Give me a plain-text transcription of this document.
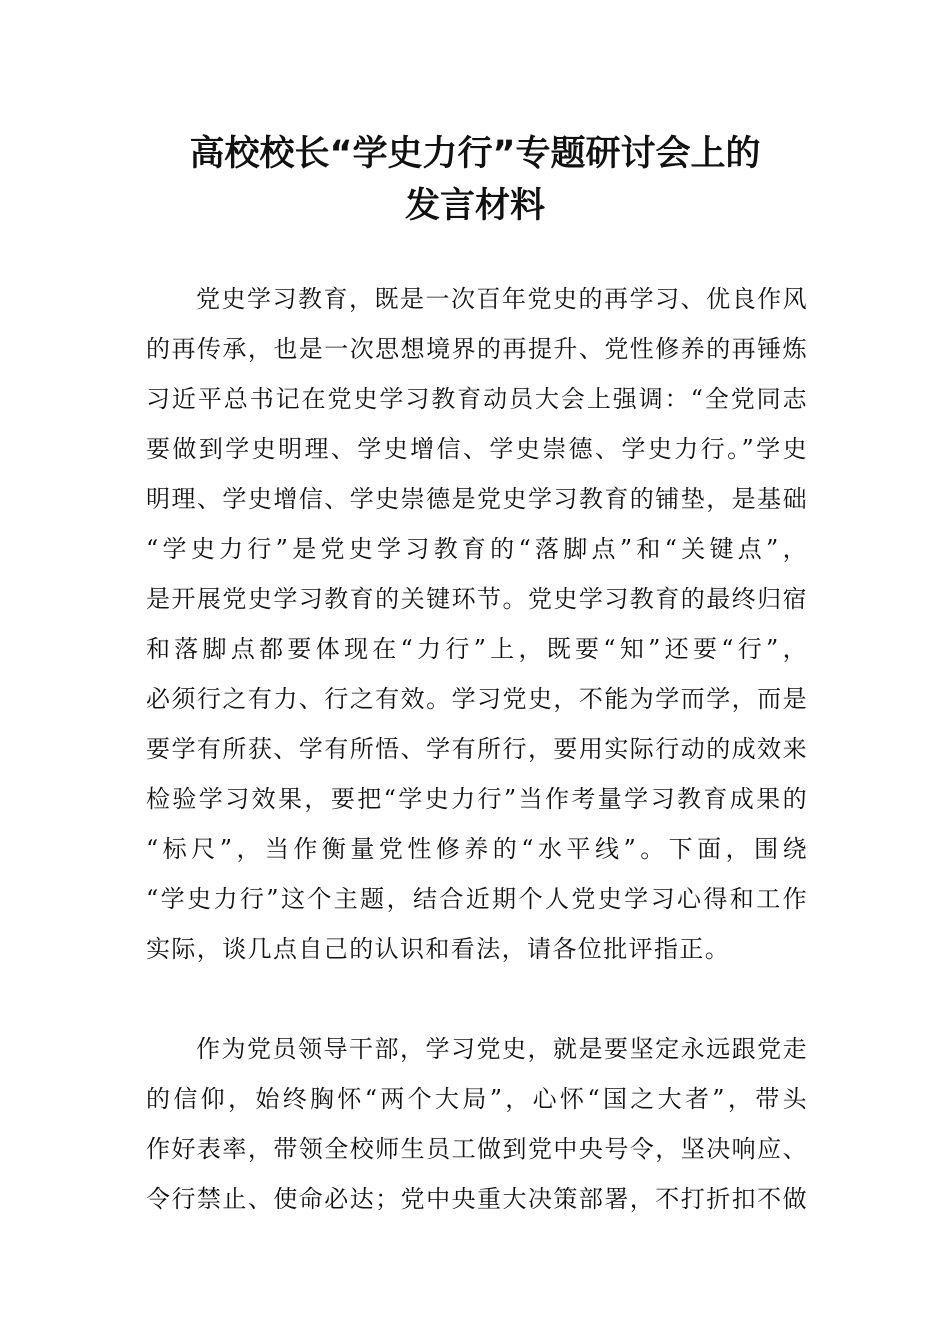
高校校长“学史力行”专题研讨会上的
发言材料
党史学习教育，既是一次百年党史的再学习、优良作风
的再传承，也是一次思想境界的再提升、党性修养的再锤炼
习近平总书记在党史学习教育动员大会上强调：“全党同志
要做到学史明理、学史增信、学史崇德、学史力行。”学史
明理、学史增信、学史崇德是党史学习教育的铺垫，是基础
“学史力行”是党史学习教育的“落脚点”和“关键点”，
是开展党史学习教育的关键环节。党史学习教育的最终归宿
和落脚点都要体现在“力行”上，既要“知”还要“行”，
必须行之有力、行之有效。学习党史，不能为学而学，而是
要学有所获、学有所悟、学有所行，要用实际行动的成效来
检验学习效果，要把“学史力行”当作考量学习教育成果的
“标尺”，当作衡量党性修养的“水平线”。下面，围绕
“学史力行”这个主题，结合近期个人党史学习心得和工作
实际，谈几点自己的认识和看法，请各位批评指正。
作为党员领导干部，学习党史，就是要坚定永远跟党走
的信仰，始终胸怀“两个大局”，心怀“国之大者”，带头
作好表率，带领全校师生员工做到党中央号令，坚决响应、
令行禁止、使命必达；党中央重大决策部署，不打折扣不做
